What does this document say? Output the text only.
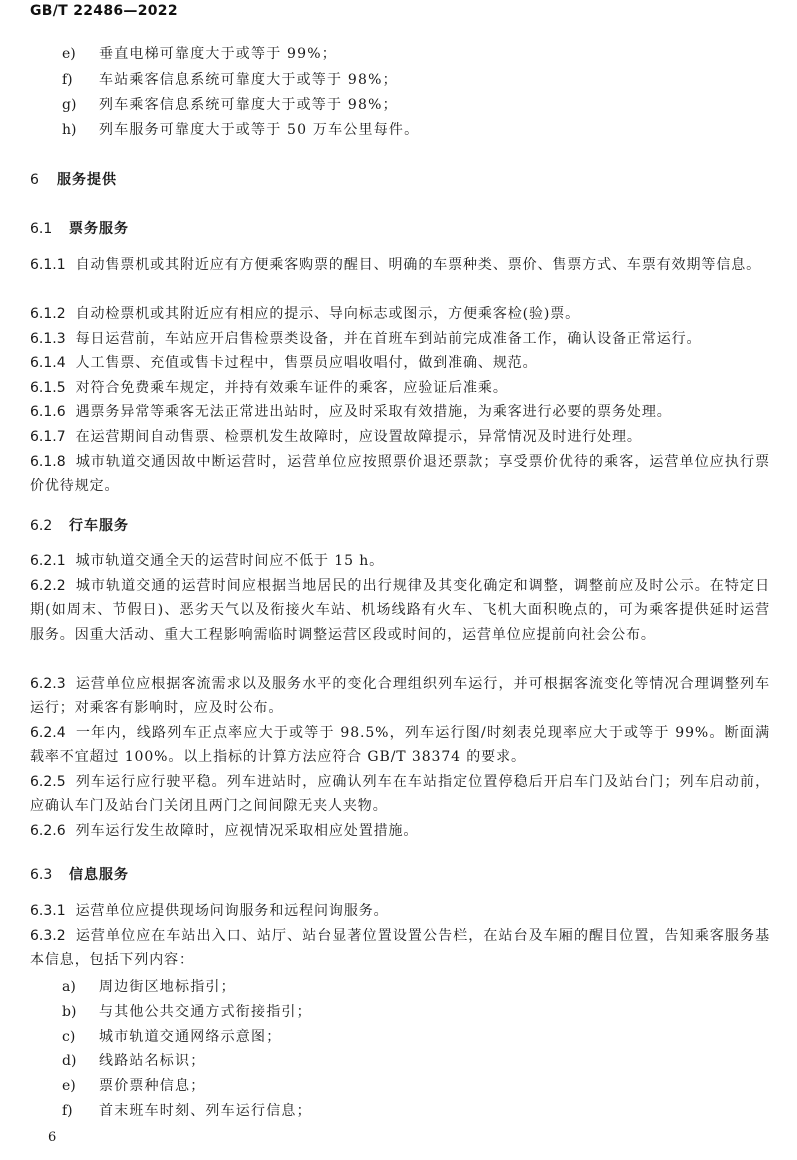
GB/T 22486—2022
e) 垂直电梯可靠度大于或等于 99%；
f) 车站乘客信息系统可靠度大于或等于 98%；
g) 列车乘客信息系统可靠度大于或等于 98%；
h) 列车服务可靠度大于或等于 50 万车公里每件。
6 服务提供
6.1 票务服务
6.1.1 自动售票机或其附近应有方便乘客购票的醒目、明确的车票种类、票价、售票方式、车票有效期等信息。
6.1.2 自动检票机或其附近应有相应的提示、导向标志或图示，方便乘客检(验)票。
6.1.3 每日运营前，车站应开启售检票类设备，并在首班车到站前完成准备工作，确认设备正常运行。
6.1.4 人工售票、充值或售卡过程中，售票员应唱收唱付，做到准确、规范。
6.1.5 对符合免费乘车规定，并持有效乘车证件的乘客，应验证后准乘。
6.1.6 遇票务异常等乘客无法正常进出站时，应及时采取有效措施，为乘客进行必要的票务处理。
6.1.7 在运营期间自动售票、检票机发生故障时，应设置故障提示，异常情况及时进行处理。
6.1.8 城市轨道交通因故中断运营时，运营单位应按照票价退还票款；享受票价优待的乘客，运营单位应执行票价优待规定。
6.2 行车服务
6.2.1 城市轨道交通全天的运营时间应不低于 15 h。
6.2.2 城市轨道交通的运营时间应根据当地居民的出行规律及其变化确定和调整，调整前应及时公示。在特定日期(如周末、节假日)、恶劣天气以及衔接火车站、机场线路有火车、飞机大面积晚点的，可为乘客提供延时运营服务。因重大活动、重大工程影响需临时调整运营区段或时间的，运营单位应提前向社会公布。
6.2.3 运营单位应根据客流需求以及服务水平的变化合理组织列车运行，并可根据客流变化等情况合理调整列车运行；对乘客有影响时，应及时公布。
6.2.4 一年内，线路列车正点率应大于或等于 98.5%，列车运行图/时刻表兑现率应大于或等于 99%。断面满载率不宜超过 100%。以上指标的计算方法应符合 GB/T 38374 的要求。
6.2.5 列车运行应行驶平稳。列车进站时，应确认列车在车站指定位置停稳后开启车门及站台门；列车启动前，应确认车门及站台门关闭且两门之间间隙无夹人夹物。
6.2.6 列车运行发生故障时，应视情况采取相应处置措施。
6.3 信息服务
6.3.1 运营单位应提供现场问询服务和远程问询服务。
6.3.2 运营单位应在车站出入口、站厅、站台显著位置设置公告栏，在站台及车厢的醒目位置，告知乘客服务基本信息，包括下列内容：
a) 周边街区地标指引；
b) 与其他公共交通方式衔接指引；
c) 城市轨道交通网络示意图；
d) 线路站名标识；
e) 票价票种信息；
f) 首末班车时刻、列车运行信息；
6
